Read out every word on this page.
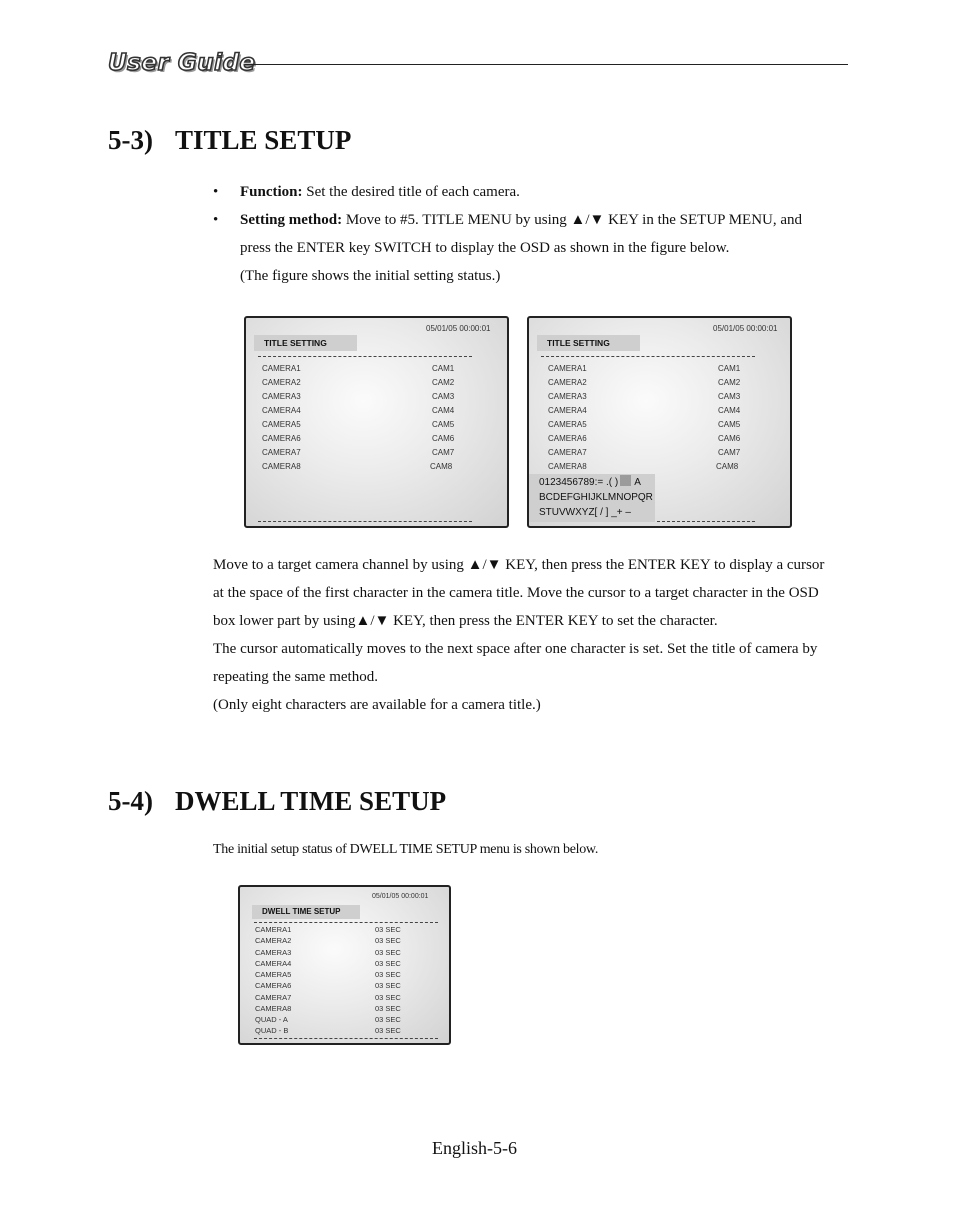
User Guide
5-3) TITLE SETUP
• Function: Set the desired title of each camera.
• Setting method: Move to #5. TITLE MENU by using ▲/▼ KEY in the SETUP MENU, and
press the ENTER key SWITCH to display the OSD as shown in the figure below.
(The figure shows the initial setting status.)
05/01/05 00:00:01
TITLE SETTING
CAMERA1	CAM1
CAMERA2	CAM2
CAMERA3	CAM3
CAMERA4	CAM4
CAMERA5	CAM5
CAMERA6	CAM6
CAMERA7	CAM7
CAMERA8	CAM8
05/01/05 00:00:01
TITLE SETTING
CAMERA1	CAM1
CAMERA2	CAM2
CAMERA3	CAM3
CAMERA4	CAM4
CAMERA5	CAM5
CAMERA6	CAM6
CAMERA7	CAM7
CAMERA8	CAM8
0123456789:= .( ) A
BCDEFGHIJKLMNOPQR
STUVWXYZ[ / ] _+ –
Move to a target camera channel by using ▲/▼ KEY, then press the ENTER KEY to display a cursor
at the space of the first character in the camera title. Move the cursor to a target character in the OSD
box lower part by using▲/▼ KEY, then press the ENTER KEY to set the character.
The cursor automatically moves to the next space after one character is set. Set the title of camera by
repeating the same method.
(Only eight characters are available for a camera title.)
5-4) DWELL TIME SETUP
The initial setup status of DWELL TIME SETUP menu is shown below.
05/01/05 00:00:01
DWELL TIME SETUP
CAMERA1	03 SEC
CAMERA2	03 SEC
CAMERA3	03 SEC
CAMERA4	03 SEC
CAMERA5	03 SEC
CAMERA6	03 SEC
CAMERA7	03 SEC
CAMERA8	03 SEC
QUAD - A	03 SEC
QUAD - B	03 SEC
English-5-6
